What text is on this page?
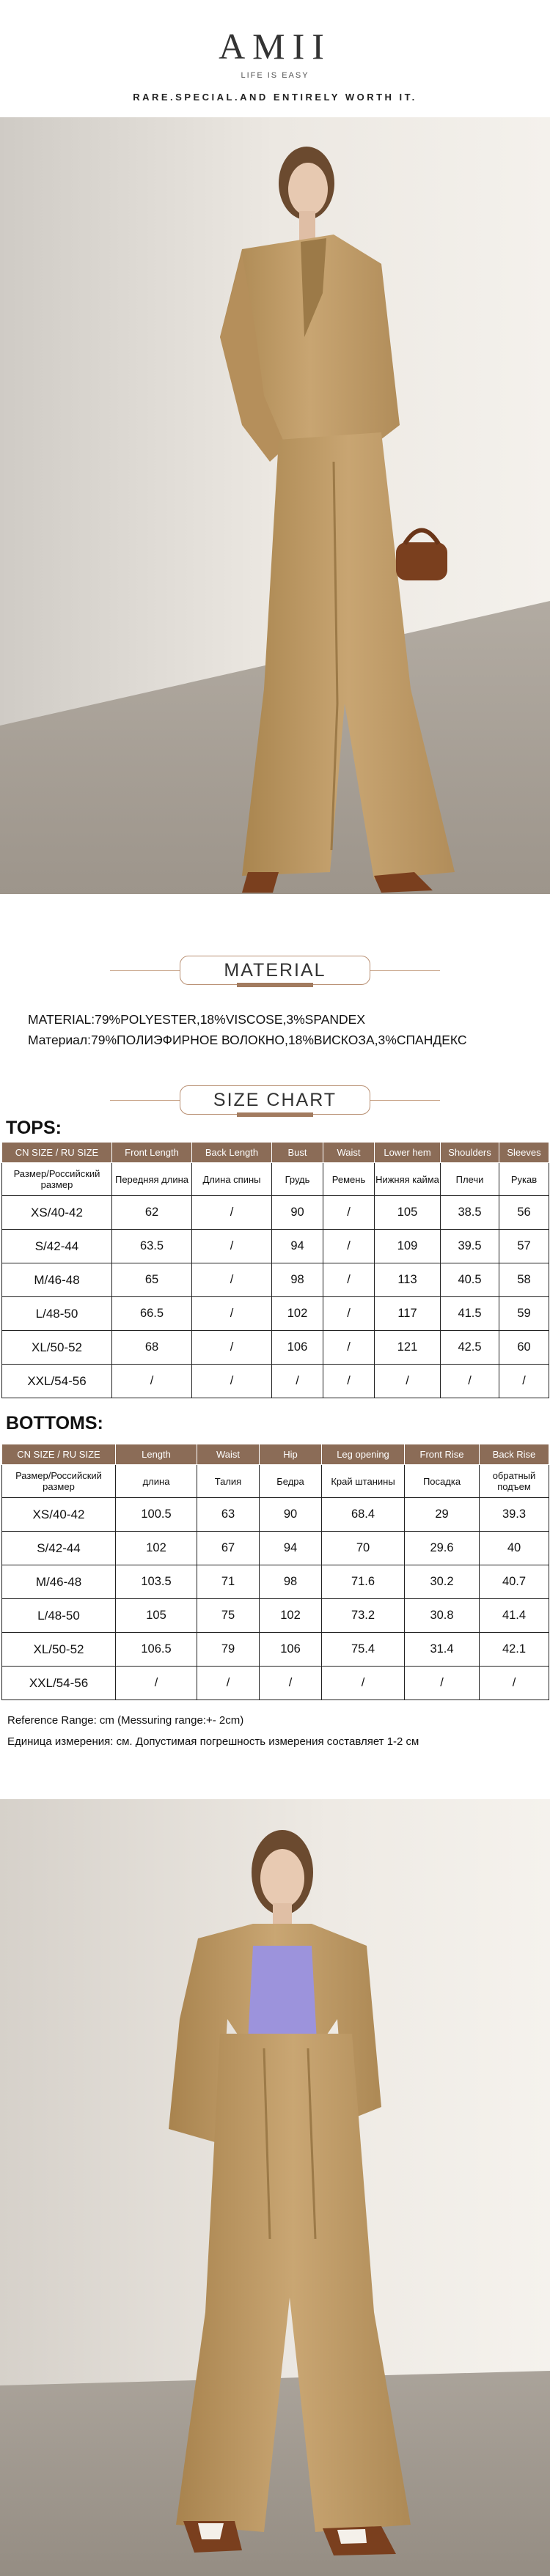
AMII
LIFE IS EASY
RARE.SPECIAL.AND ENTIRELY WORTH IT.
MATERIAL
MATERIAL:79%POLYESTER,18%VISCOSE,3%SPANDEX
Материал:79%ПОЛИЭФИРНОЕ ВОЛОКНО,18%ВИСКОЗА,3%СПАНДЕКС
SIZE CHART
TOPS:
CN SIZE / RU SIZE	Front Length	Back Length	Bust	Waist	Lower hem	Shoulders	Sleeves
Размер/Российский размер	Передняя длина	Длина спины	Грудь	Ремень	Нижняя кайма	Плечи	Рукав
XS/40-42	62	/	90	/	105	38.5	56
S/42-44	63.5	/	94	/	109	39.5	57
M/46-48	65	/	98	/	113	40.5	58
L/48-50	66.5	/	102	/	117	41.5	59
XL/50-52	68	/	106	/	121	42.5	60
XXL/54-56	/	/	/	/	/	/	/
BOTTOMS:
CN SIZE / RU SIZE	Length	Waist	Hip	Leg opening	Front Rise	Back Rise
Размер/Российский размер	длина	Талия	Бедра	Край штанины	Посадка	обратный подъем
XS/40-42	100.5	63	90	68.4	29	39.3
S/42-44	102	67	94	70	29.6	40
M/46-48	103.5	71	98	71.6	30.2	40.7
L/48-50	105	75	102	73.2	30.8	41.4
XL/50-52	106.5	79	106	75.4	31.4	42.1
XXL/54-56	/	/	/	/	/	/
Reference Range: cm (Messuring range:+- 2cm)
Единица измерения: см. Допустимая погрешность измерения составляет 1-2 см
